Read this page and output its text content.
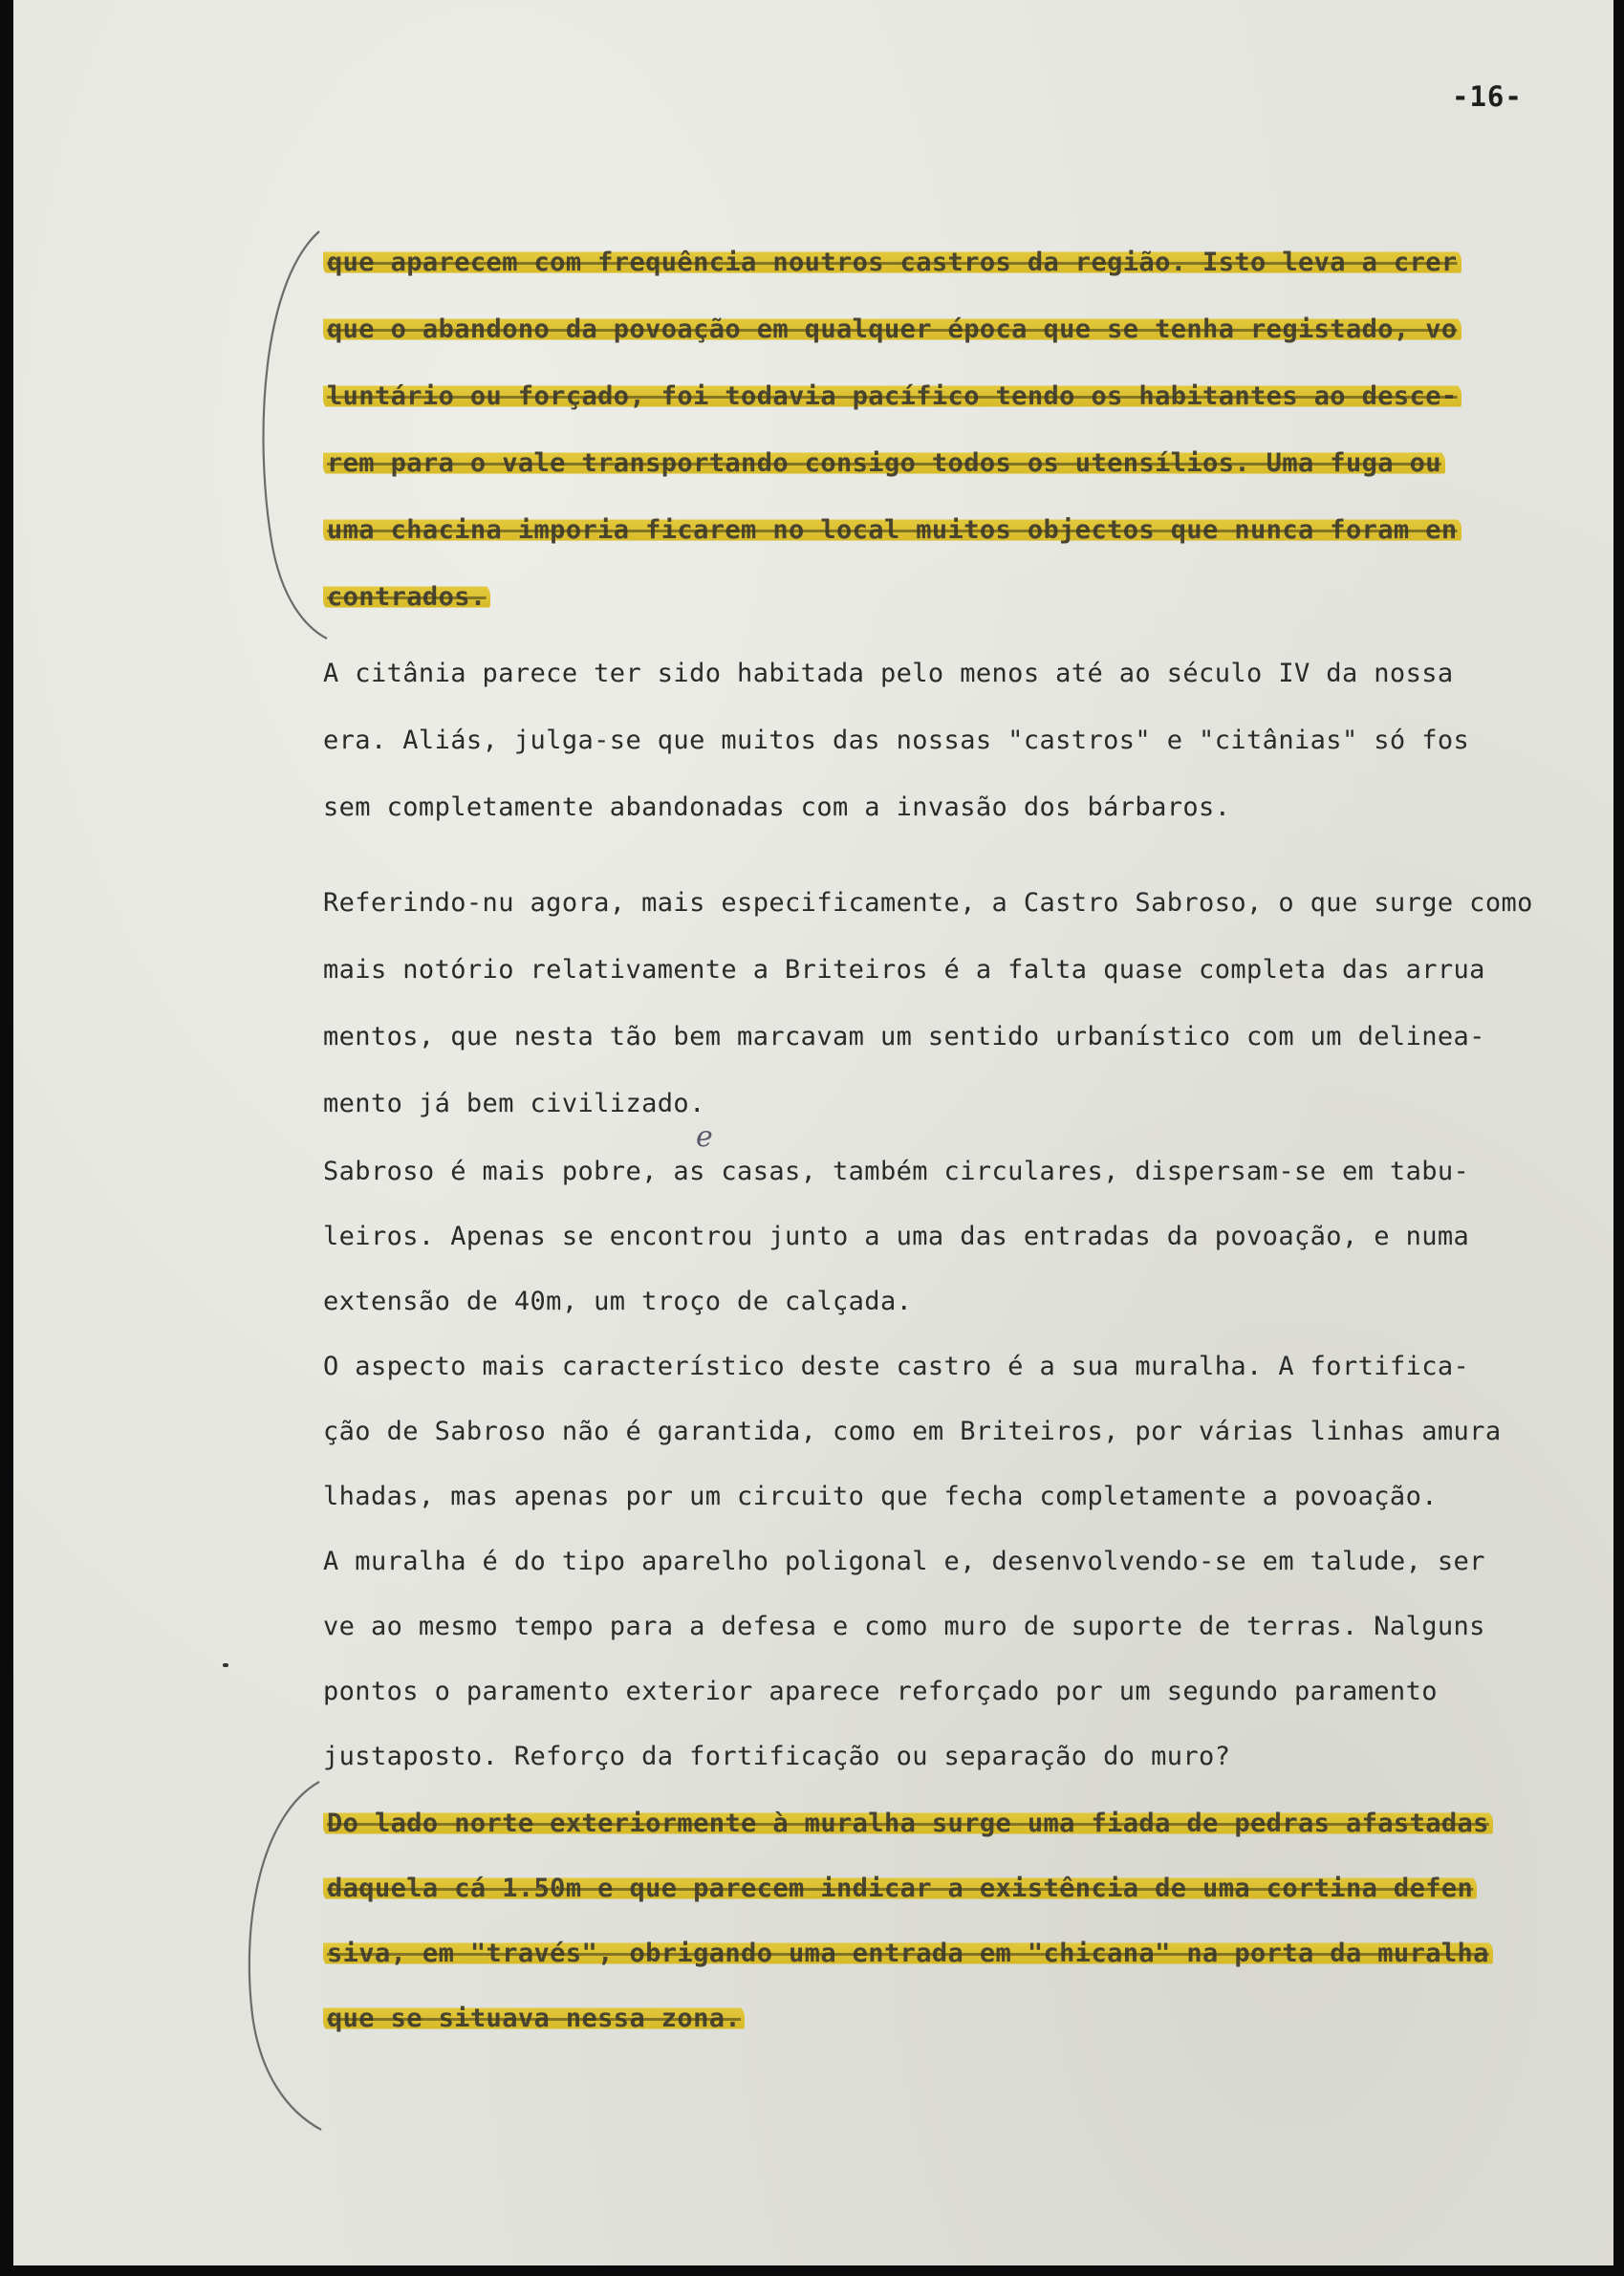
-16-
que aparecem com frequência noutros castros da região. Isto leva a crer
que o abandono da povoação em qualquer época que se tenha registado, vo
luntário ou forçado, foi todavia pacífico tendo os habitantes ao desce-
rem para o vale transportando consigo todos os utensílios. Uma fuga ou
uma chacina imporia ficarem no local muitos objectos que nunca foram en
contrados.
A citânia parece ter sido habitada pelo menos até ao século IV da nossa
era. Aliás, julga-se que muitos das nossas "castros" e "citânias" só fos
sem completamente abandonadas com a invasão dos bárbaros.
Referindo-nu agora, mais especificamente, a Castro Sabroso, o que surge como
mais notório relativamente a Briteiros é a falta quase completa das arrua
mentos, que nesta tão bem marcavam um sentido urbanístico com um delinea-
mento já bem civilizado.
e
Sabroso é mais pobre, as casas, também circulares, dispersam-se em tabu-
leiros. Apenas se encontrou junto a uma das entradas da povoação, e numa
extensão de 40m, um troço de calçada.
O aspecto mais característico deste castro é a sua muralha. A fortifica-
ção de Sabroso não é garantida, como em Briteiros, por várias linhas amura
lhadas, mas apenas por um circuito que fecha completamente a povoação.
A muralha é do tipo aparelho poligonal e, desenvolvendo-se em talude, ser
ve ao mesmo tempo para a defesa e como muro de suporte de terras. Nalguns
pontos o paramento exterior aparece reforçado por um segundo paramento
justaposto. Reforço da fortificação ou separação do muro?
Do lado norte exteriormente à muralha surge uma fiada de pedras afastadas
daquela cá 1.50m e que parecem indicar a existência de uma cortina defen
siva, em "través", obrigando uma entrada em "chicana" na porta da muralha
que se situava nessa zona.
